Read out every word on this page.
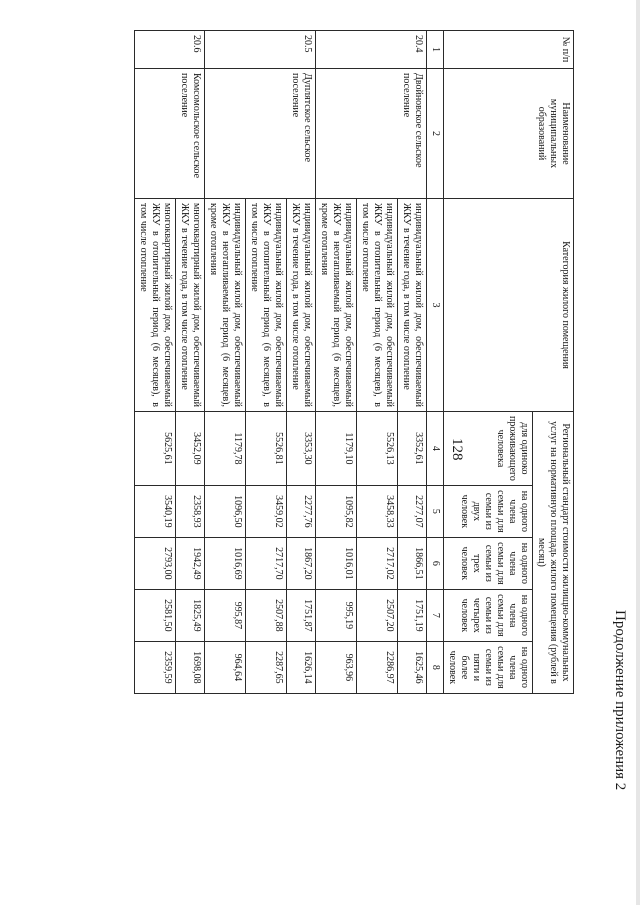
128
Продолжение приложения 2
№ п/п	Наименование муниципальных образований	Категория жилого помещения	Региональный стандарт стоимости жилищно-коммунальных услуг на нормативную площадь жилого помещения (рублей в месяц)				
			для одиноко проживающего человека	на одного члена семьи для семьи из двух человек	на одного члена семьи для семьи из трех человек	на одного члена семьи для семьи из четырех человек	на одного члена семьи для семьи из пяти и более человек
1	2	3	4	5	6	7	8
20.4	Двойновское сельское поселение	индивидуальный жилой дом, обеспечиваемый ЖКУ в течение года, в том числе отопление	3352,61	2277,07	1866,51	1751,19	1625,46
		индивидуальный жилой дом, обеспечиваемый ЖКУ в отопительный период (6 месяцев), в том числе отопление	5526,13	3458,33	2717,02	2507,20	2286,97
		индивидуальный жилой дом, обеспечиваемый ЖКУ в неотапливаемый период (6 месяцев), кроме отопления	1179,10	1095,82	1016,01	995,19	963,96
20.5	Дуплятское сельское поселение	индивидуальный жилой дом, обеспечиваемый ЖКУ в течение года, в том числе отопление	3353,30	2277,76	1867,20	1751,87	1626,14
		индивидуальный жилой дом, обеспечиваемый ЖКУ в отопительный период (6 месяцев), в том числе отопление	5526,81	3459,02	2717,70	2507,88	2287,65
		индивидуальный жилой дом, обеспечиваемый ЖКУ в неотапливаемый период (6 месяцев), кроме отопления	1179,78	1096,50	1016,69	995,87	964,64
20.6	Комсомольское сельское поселение	многоквартирный жилой дом, обеспечиваемый ЖКУ в течение года, в том числе отопление	3452,09	2358,93	1942,49	1825,49	1698,08
		многоквартирный жилой дом, обеспечиваемый ЖКУ в отопительный период (6 месяцев), в том числе отопление	5625,61	3540,19	2793,00	2581,50	2359,59
